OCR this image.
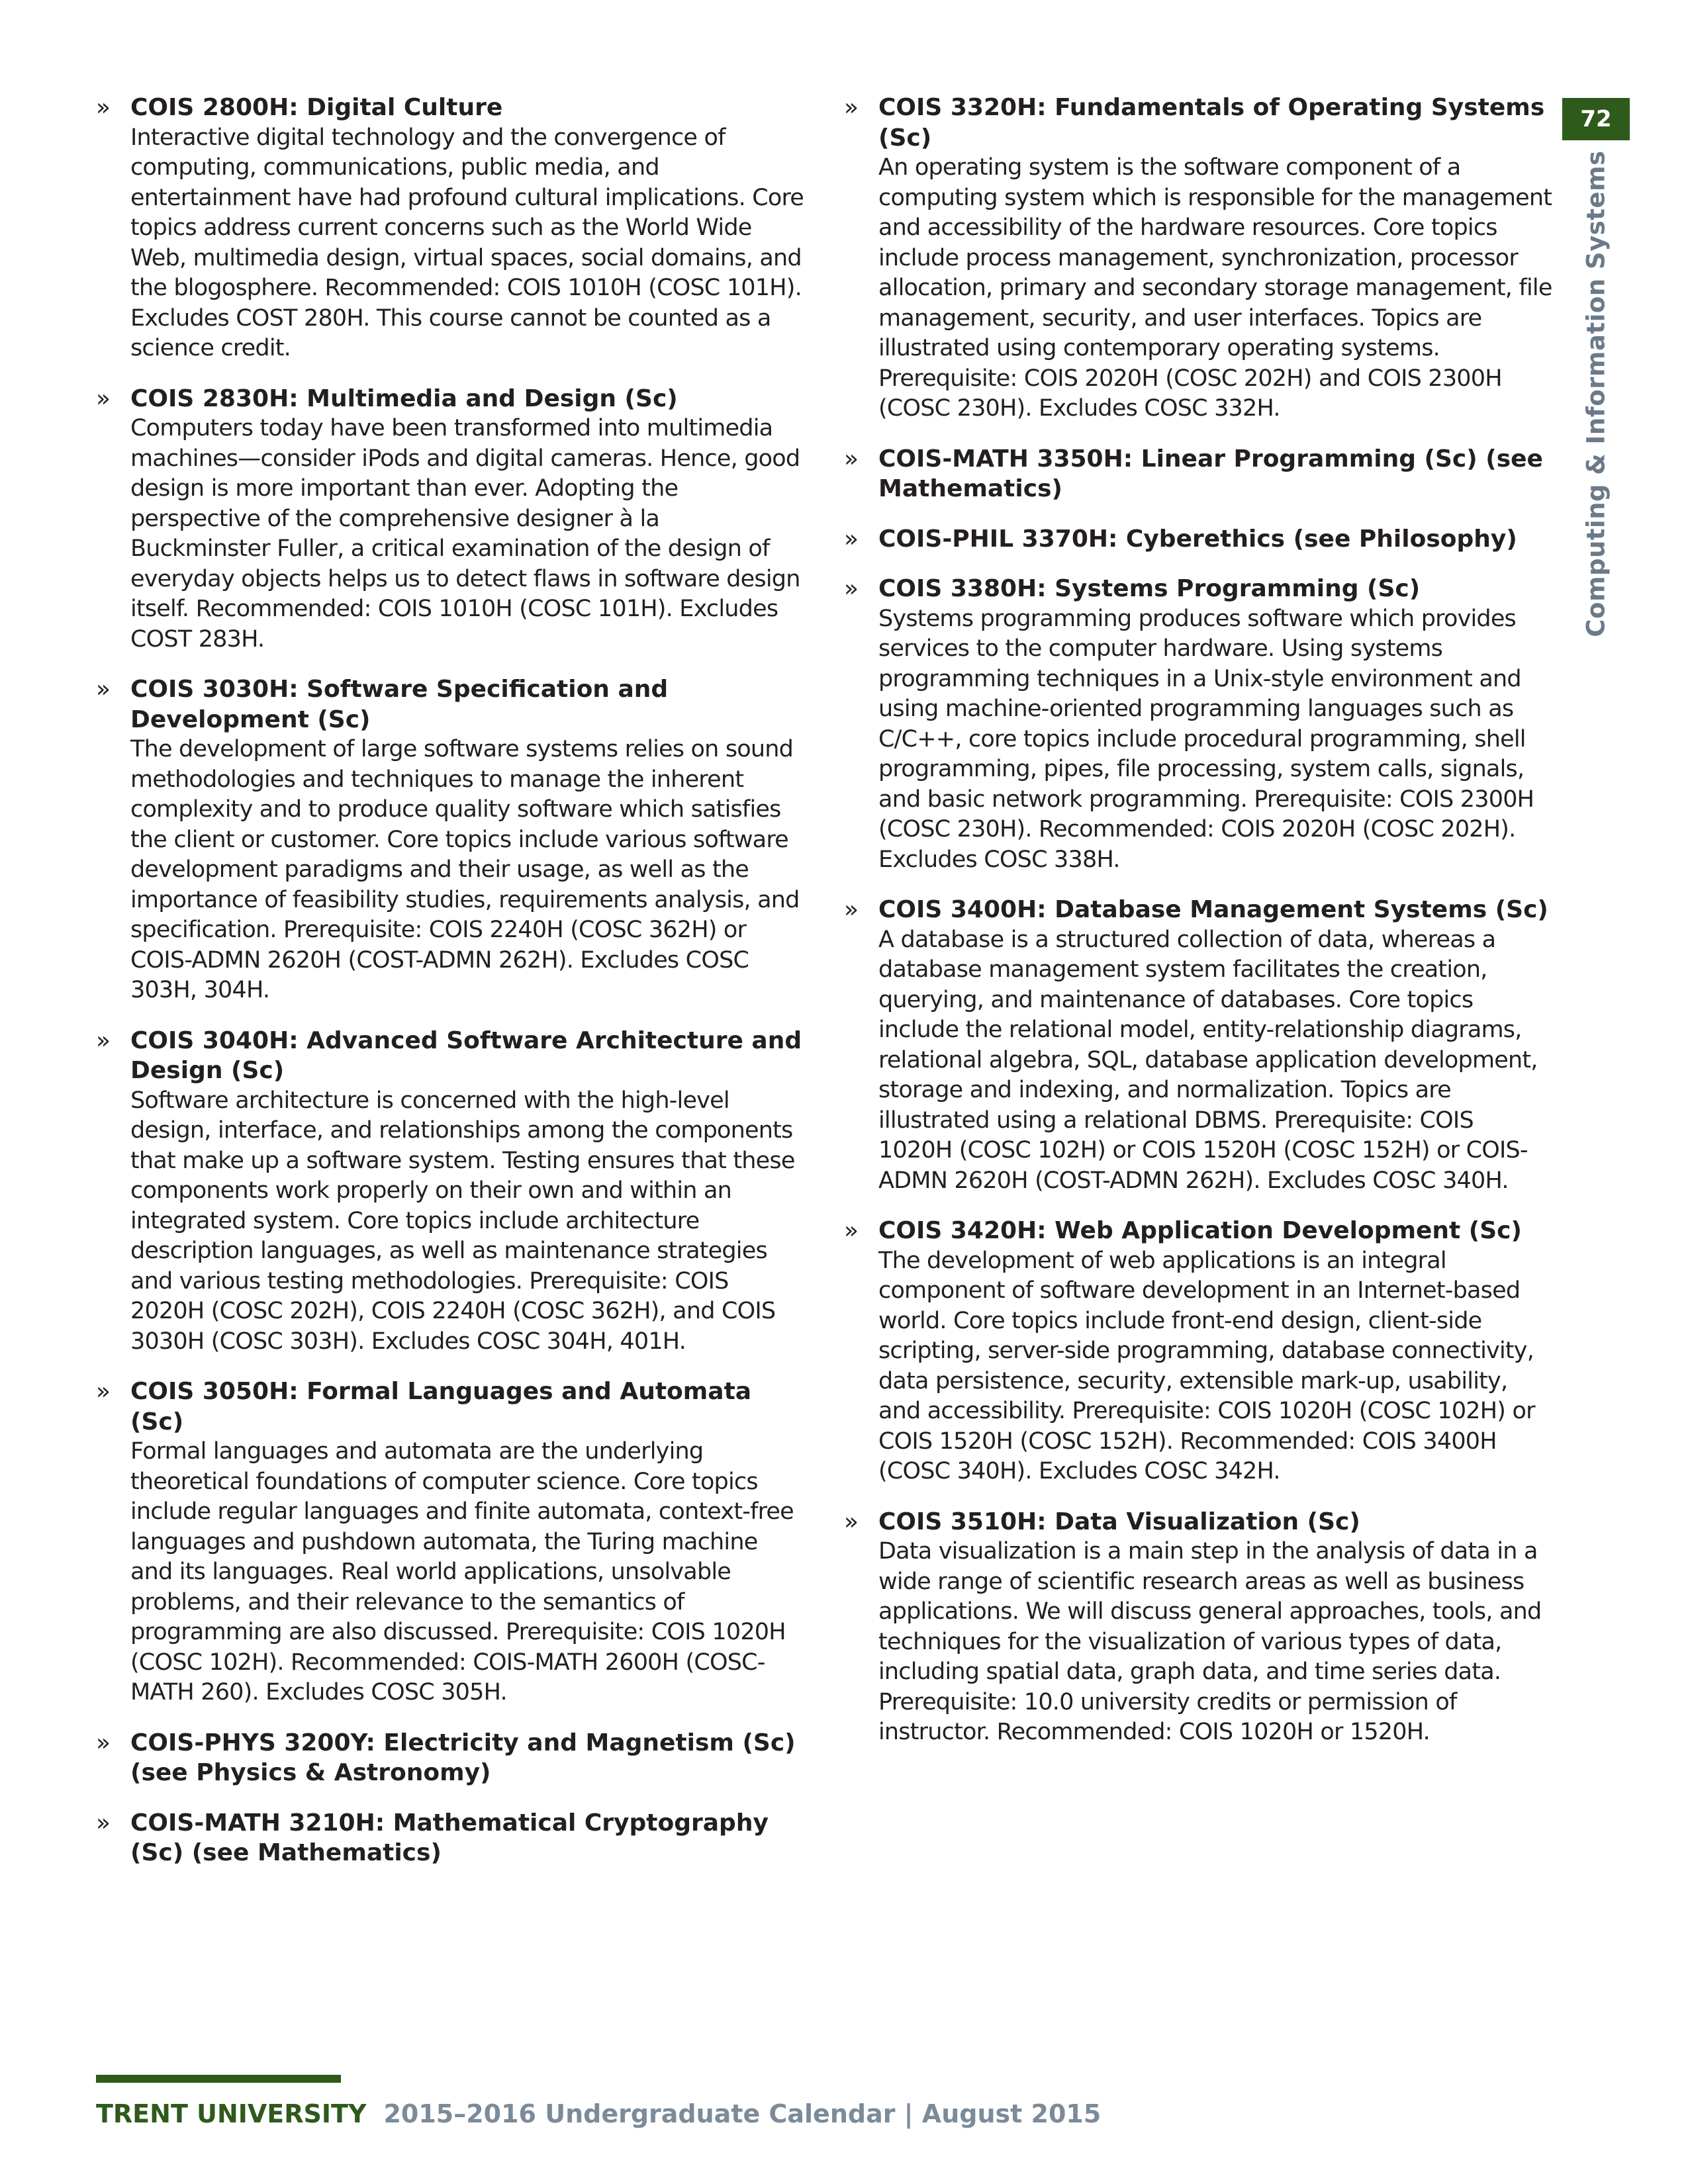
» COIS 2800H: Digital Culture

Interactive digital technology and the convergence of computing, communications, public media, and entertainment have had profound cultural implications. Core topics address current concerns such as the World Wide Web, multimedia design, virtual spaces, social domains, and the blogosphere. Recommended: COIS 1010H (COSC 101H). Excludes COST 280H. This course cannot be counted as a science credit.

» COIS 2830H: Multimedia and Design (Sc)

Computers today have been transformed into multimedia machines—consider iPods and digital cameras. Hence, good design is more important than ever. Adopting the perspective of the comprehensive designer à la Buckminster Fuller, a critical examination of the design of everyday objects helps us to detect flaws in software design itself. Recommended: COIS 1010H (COSC 101H). Excludes COST 283H.

» COIS 3030H: Software Specification and Development (Sc)

The development of large software systems relies on sound methodologies and techniques to manage the inherent complexity and to produce quality software which satisfies the client or customer. Core topics include various software development paradigms and their usage, as well as the importance of feasibility studies, requirements analysis, and specification. Prerequisite: COIS 2240H (COSC 362H) or COIS-ADMN 2620H (COST-ADMN 262H). Excludes COSC 303H, 304H.

» COIS 3040H: Advanced Software Architecture and Design (Sc)

Software architecture is concerned with the high-level design, interface, and relationships among the components that make up a software system. Testing ensures that these components work properly on their own and within an integrated system. Core topics include architecture description languages, as well as maintenance strategies and various testing methodologies. Prerequisite: COIS 2020H (COSC 202H), COIS 2240H (COSC 362H), and COIS 3030H (COSC 303H). Excludes COSC 304H, 401H.

» COIS 3050H: Formal Languages and Automata (Sc)

Formal languages and automata are the underlying theoretical foundations of computer science. Core topics include regular languages and finite automata, context-free languages and pushdown automata, the Turing machine and its languages. Real world applications, unsolvable problems, and their relevance to the semantics of programming are also discussed. Prerequisite: COIS 1020H (COSC 102H). Recommended: COIS-MATH 2600H (COSC-MATH 260). Excludes COSC 305H.

» COIS-PHYS 3200Y: Electricity and Magnetism (Sc) (see Physics & Astronomy)

» COIS-MATH 3210H: Mathematical Cryptography (Sc) (see Mathematics)

» COIS 3320H: Fundamentals of Operating Systems (Sc)

An operating system is the software component of a computing system which is responsible for the management and accessibility of the hardware resources. Core topics include process management, synchronization, processor allocation, primary and secondary storage management, file management, security, and user interfaces. Topics are illustrated using contemporary operating systems. Prerequisite: COIS 2020H (COSC 202H) and COIS 2300H (COSC 230H). Excludes COSC 332H.

» COIS-MATH 3350H: Linear Programming (Sc) (see Mathematics)

» COIS-PHIL 3370H: Cyberethics (see Philosophy)

» COIS 3380H: Systems Programming (Sc)

Systems programming produces software which provides services to the computer hardware. Using systems programming techniques in a Unix-style environment and using machine-oriented programming languages such as C/C++, core topics include procedural programming, shell programming, pipes, file processing, system calls, signals, and basic network programming. Prerequisite: COIS 2300H (COSC 230H). Recommended: COIS 2020H (COSC 202H). Excludes COSC 338H.

» COIS 3400H: Database Management Systems (Sc)

A database is a structured collection of data, whereas a database management system facilitates the creation, querying, and maintenance of databases. Core topics include the relational model, entity-relationship diagrams, relational algebra, SQL, database application development, storage and indexing, and normalization. Topics are illustrated using a relational DBMS. Prerequisite: COIS 1020H (COSC 102H) or COIS 1520H (COSC 152H) or COIS-ADMN 2620H (COST-ADMN 262H). Excludes COSC 340H.

» COIS 3420H: Web Application Development (Sc)

The development of web applications is an integral component of software development in an Internet-based world. Core topics include front-end design, client-side scripting, server-side programming, database connectivity, data persistence, security, extensible mark-up, usability, and accessibility. Prerequisite: COIS 1020H (COSC 102H) or COIS 1520H (COSC 152H). Recommended: COIS 3400H (COSC 340H). Excludes COSC 342H.

» COIS 3510H: Data Visualization (Sc)

Data visualization is a main step in the analysis of data in a wide range of scientific research areas as well as business applications. We will discuss general approaches, tools, and techniques for the visualization of various types of data, including spatial data, graph data, and time series data. Prerequisite: 10.0 university credits or permission of instructor. Recommended: COIS 1020H or 1520H.

72
Computing & Information Systems
TRENT UNIVERSITY 2015–2016 Undergraduate Calendar | August 2015
